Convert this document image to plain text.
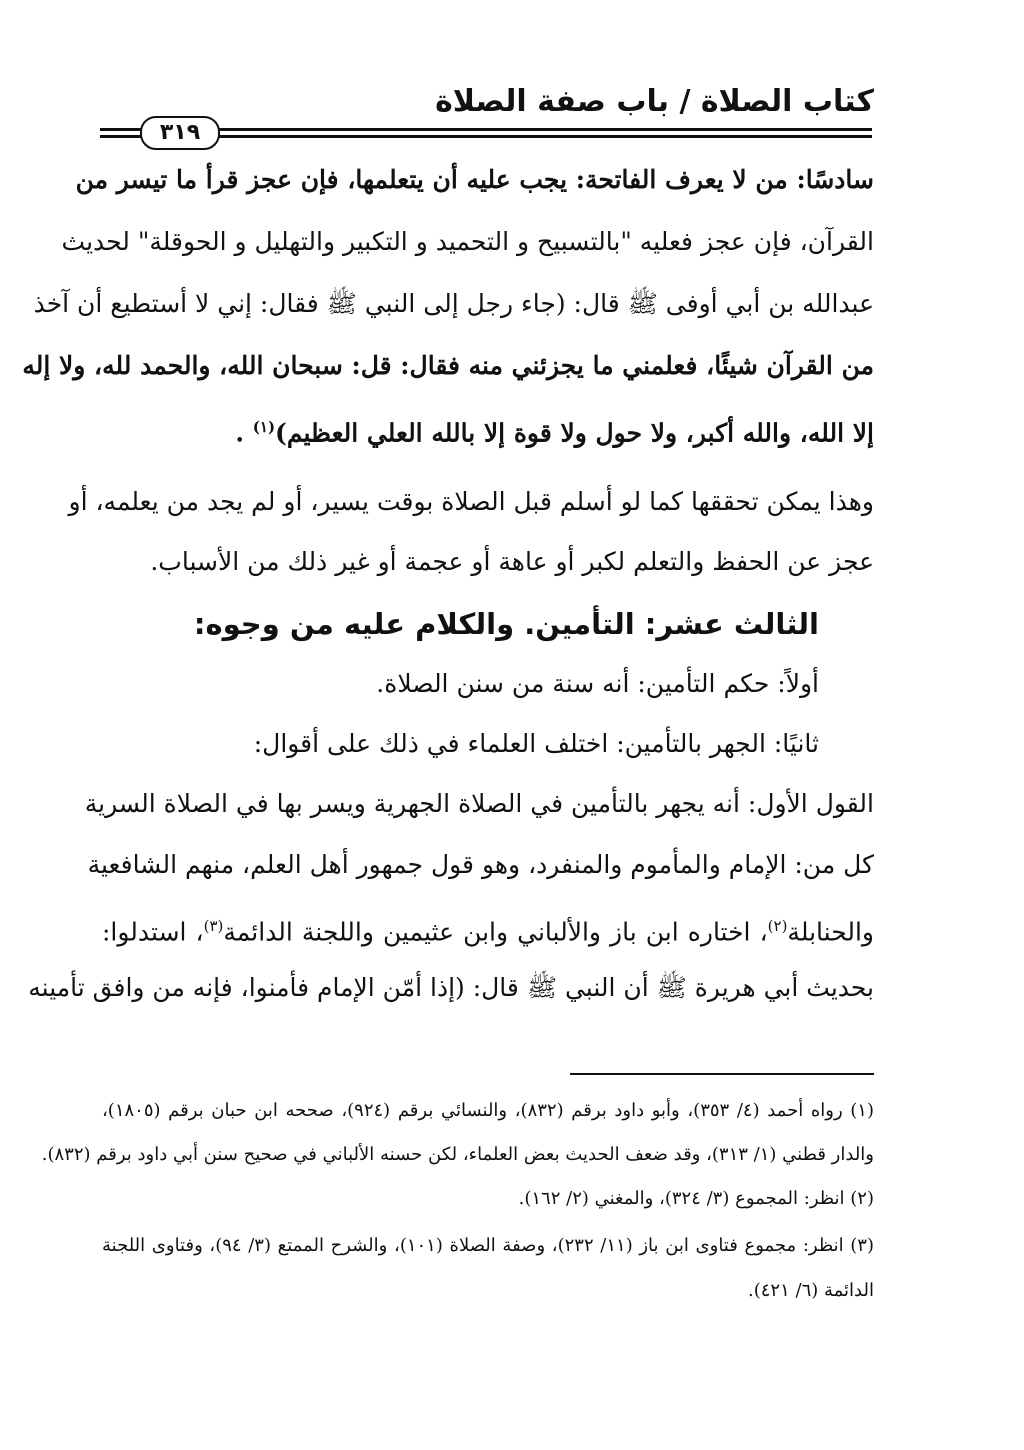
كتاب الصلاة / باب صفة الصلاة
٣١٩
سادسًا: من لا يعرف الفاتحة: يجب عليه أن يتعلمها، فإن عجز قرأ ما تيسر من
القرآن، فإن عجز فعليه "بالتسبيح و التحميد و التكبير والتهليل و الحوقلة" لحديث
عبدالله بن أبي أوفى ﷺ قال: (جاء رجل إلى النبي ﷺ فقال: إني لا أستطيع أن آخذ
من القرآن شيئًا، فعلمني ما يجزئني منه فقال: قل: سبحان الله، والحمد لله، ولا إله
إلا الله، والله أكبر، ولا حول ولا قوة إلا بالله العلي العظيم)$^{(١)}$ .
وهذا يمكن تحققها كما لو أسلم قبل الصلاة بوقت يسير، أو لم يجد من يعلمه، أو
عجز عن الحفظ والتعلم لكبر أو عاهة أو عجمة أو غير ذلك من الأسباب.
الثالث عشر: التأمين. والكلام عليه من وجوه:
أولاً: حكم التأمين: أنه سنة من سنن الصلاة.
ثانيًا: الجهر بالتأمين: اختلف العلماء في ذلك على أقوال:
القول الأول: أنه يجهر بالتأمين في الصلاة الجهرية ويسر بها في الصلاة السرية
كل من: الإمام والمأموم والمنفرد، وهو قول جمهور أهل العلم، منهم الشافعية
والحنابلة$^{(٢)}$، اختاره ابن باز والألباني وابن عثيمين واللجنة الدائمة$^{(٣)}$، استدلوا:
بحديث أبي هريرة ﷺ أن النبي ﷺ قال: (إذا أمّن الإمام فأمنوا، فإنه من وافق تأمينه
(١) رواه أحمد (٤/ ٣٥٣)، وأبو داود برقم (٨٣٢)، والنسائي برقم (٩٢٤)، صححه ابن حبان برقم (١٨٠٥)،
والدار قطني (١/ ٣١٣)، وقد ضعف الحديث بعض العلماء، لكن حسنه الألباني في صحيح سنن أبي داود برقم (٨٣٢).
(٢) انظر: المجموع (٣/ ٣٢٤)، والمغني (٢/ ١٦٢).
(٣) انظر: مجموع فتاوى ابن باز (١١/ ٢٣٢)، وصفة الصلاة (١٠١)، والشرح الممتع (٣/ ٩٤)، وفتاوى اللجنة
الدائمة (٦/ ٤٢١).
